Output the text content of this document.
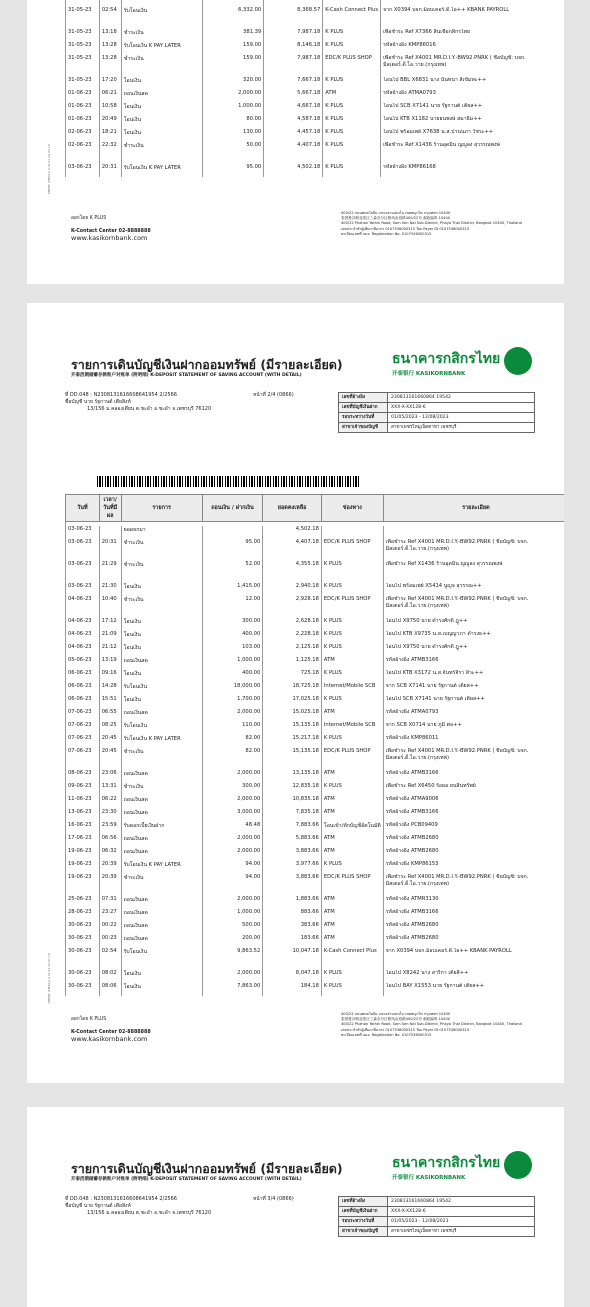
31-05-23	02:54	รับโอนเงิน	6,332.00	8,368.57	K-Cash Connect Plus	จาก X0394 บจก.ม็อบเคอร์.ดี.ไอ++ KBANK PAYROLL
31-05-23	13:18	ชำระเงิน	381.39	7,987.18	K PLUS	เพื่อชำระ Ref X7366 สินเชื่อกสิกรไทย
31-05-23	13:28	รับโอนเงิน K PAY LATER	159.00	8,146.18	K PLUS	รหัสอ้างอิง KMP86016
31-05-23	13:28	ชำระเงิน	159.00	7,987.18	EDC/K PLUS SHOP	เพื่อชำระ Ref X4001 MR.D.I.Y.-BW92.PNRK ( ชื่อบัญชี: บจก. มิสเตอร์.ดี.ไอ.วาย.(กรุงเทพ)
31-05-23	17:20	โอนเงิน	320.00	7,667.18	K PLUS	โอนไป BBL X6831 นาง นันทนา สีเข้มทะ++
01-06-23	06:21	ถอนเงินสด	2,000.00	5,667.18	ATM	รหัสอ้างอิง ATMA0793
01-06-23	10:58	โอนเงิน	1,000.00	4,667.18	K PLUS	โอนไป SCB X7141 นาย รัฐกานต์ เตียส++
01-06-23	20:49	โอนเงิน	80.00	4,587.18	K PLUS	โอนไป KTB X1182 นายธนพงษ์ สมาธิม++
02-06-23	18:21	โอนเงิน	130.00	4,457.18	K PLUS	โอนไป พร้อมเพย์ X7638 น.ส.ปานนภา วัชระ++
02-06-23	22:32	ชำระเงิน	50.00	4,407.18	K PLUS	เพื่อชำระ Ref X1436 ร้านอุดมิน ญญูลง สุวรรณพงษ์
03-06-23	20:31	รับโอนเงิน K PAY LATER	95.00	4,502.18	K PLUS	รหัสอ้างอิง KMP86168
KBPDF (FM001) V.01.01 04.03.18
ออกโดย K PLUS
K-Contact Center 02-8888888
www.kasikornbank.com
400/22 ถนนพหลโยธิน แขวงสามเสนใน เขตพญาไท กรุงเทพฯ 10400
泰国曼谷帕亚泰区三森奈分区帕凤由庭路400/22号 邮政编码 10400
400/22 Phahon Yothin Road, Sam Sen Nai Sub-District, Phaya Thai District, Bangkok 10400, Thailand
เลขประจำตัวผู้เสียภาษีอากร 0107536000315 Tax Payer ID 0107536000315
ทะเบียนเลขที่ บมจ. Registration No. 0107536000315
รายการเดินบัญชีเงินฝากออมทรัพย์ (มีรายละเอียด)
开泰活期储蓄存款账户对账单 (附明细) K-DEPOSIT STATEMENT OF SAVING ACCOUNT (WITH DETAIL)
ธนาคารกสิกรไทย
开泰银行 KASIKORNBANK
ที่ DD.048 : N2308131616608641954 2/2566
ชื่อบัญชี นาย รัฐกานต์ เตียสิงห์
13/156 ม.คลองเตียน ต.ชะอำ อ.ชะอำ จ.เพชรบุรี 76120
หน้าที่ 2/4 (0866)	เลขที่อ้างอิง	230813161660864 19542
เลขที่บัญชีเงินฝาก	XXX-X-XX128-6
รอบระหว่างวันที่	01/05/2023 - 12/08/2023
สาขาเจ้าของบัญชี	สาขาเพชรไหมูเบ็ดตาข่า เพชรบุรี
วันที่	เวลา/ วันที่มีผล	รายการ	ถอนเงิน / ฝากเงิน	ยอดคงเหลือ	ช่องทาง	รายละเอียด

03-06-23		ยอดยกมา		4,502.18		
03-06-23	20:31	ชำระเงิน	95.00	4,407.18	EDC/K PLUS SHOP	เพื่อชำระ Ref X4001 MR.D.I.Y.-BW92.PNRK ( ชื่อบัญชี: บจก. มิสเตอร์.ดี.ไอ.วาย.(กรุงเทพ)
03-06-23	21:29	ชำระเงิน	52.00	4,355.18	K PLUS	เพื่อชำระ Ref X1436 ร้านอุดมิน ญญูลง สุวรรณพงษ์
03-06-23	21:30	โอนเงิน	1,415.00	2,940.18	K PLUS	โอนไป พร้อมเพย์ X5414 นูญจ สุวรรณ++
04-06-23	10:40	ชำระเงิน	12.00	2,928.18	EDC/K PLUS SHOP	เพื่อชำระ Ref X4001 MR.D.I.Y.-BW92.PNRK ( ชื่อบัญชี: บจก. มิสเตอร์.ดี.ไอ.วาย.(กรุงเทพ)
04-06-23	17:12	โอนเงิน	300.00	2,628.18	K PLUS	โอนไป X9750 นาย ดำรงศักดิ์ ฎู++
04-06-23	21:09	โอนเงิน	400.00	2,228.18	K PLUS	โอนไป KTB X9735 น.ส.เบญญาภา ดำรงธ++
04-06-23	21:12	โอนเงิน	103.00	2,125.18	K PLUS	โอนไป X9750 นาย ดำรงศักดิ์ ฎู++
05-06-23	13:19	ถอนเงินสด	1,000.00	1,125.18	ATM	รหัสอ้างอิง ATMB3166
06-06-23	09:16	โอนเงิน	400.00	725.18	K PLUS	โอนไป KTB X3172 น.ส.จันทร์จิรา สีวะ++
06-06-23	14:28	รับโอนเงิน	18,000.00	18,725.18	Internet/Mobile SCB	จาก SCB X7141 นาย รัฐกานต์ เตียส++
06-06-23	15:51	โอนเงิน	1,700.00	17,025.18	K PLUS	โอนไป SCB X7141 นาย รัฐกานต์ เตียส++
07-06-23	06:55	ถอนเงินสด	2,000.00	15,025.18	ATM	รหัสอ้างอิง ATMA0793
07-06-23	08:25	รับโอนเงิน	110.00	15,135.18	Internet/Mobile SCB	จาก SCB X0714 นาย ภูมิ ต่อ++
07-06-23	20:45	รับโอนเงิน K PAY LATER	82.00	15,217.18	K PLUS	รหัสอ้างอิง KMP86011
07-06-23	20:45	ชำระเงิน	82.00	15,135.18	EDC/K PLUS SHOP	เพื่อชำระ Ref X4001 MR.D.I.Y.-BW92.PNRK ( ชื่อบัญชี: บจก. มิสเตอร์.ดี.ไอ.วาย.(กรุงเทพ)
08-06-23	23:06	ถอนเงินสด	2,000.00	13,135.18	ATM	รหัสอ้างอิง ATMB3166
09-06-23	13:31	ชำระเงิน	300.00	12,835.18	K PLUS	เพื่อชำระ Ref X6450 ร้อยอ ยนสินทรัพย์
11-06-23	06:22	ถอนเงินสด	2,000.00	10,835.18	ATM	รหัสอ้างอิง ATMA9006
13-06-23	23:30	ถอนเงินสด	3,000.00	7,835.18	ATM	รหัสอ้างอิง ATMB3166
16-06-23	23:59	รับดอกเบี้ยเงินฝาก	48.48	7,883.66	โอนเข้า/หักบัญชีอัตโนมัติ	รหัสอ้างอิง PCB09409
17-06-23	06:56	ถอนเงินสด	2,000.00	5,883.66	ATM	รหัสอ้างอิง ATMB2680
19-06-23	06:32	ถอนเงินสด	2,000.00	3,883.66	ATM	รหัสอ้างอิง ATMB2680
19-06-23	20:39	รับโอนเงิน K PAY LATER	94.00	3,977.66	K PLUS	รหัสอ้างอิง KMP86153
19-06-23	20:39	ชำระเงิน	94.00	3,883.66	EDC/K PLUS SHOP	เพื่อชำระ Ref X4001 MR.D.I.Y.-BW92.PNRK ( ชื่อบัญชี: บจก. มิสเตอร์.ดี.ไอ.วาย.(กรุงเทพ)
25-06-23	07:31	ถอนเงินสด	2,000.00	1,883.66	ATM	รหัสอ้างอิง ATMR3130
28-06-23	23:27	ถอนเงินสด	1,000.00	883.66	ATM	รหัสอ้างอิง ATMB3166
30-06-23	00:22	ถอนเงินสด	500.00	383.66	ATM	รหัสอ้างอิง ATMB2680
30-06-23	00:23	ถอนเงินสด	200.00	183.66	ATM	รหัสอ้างอิง ATMB2680
30-06-23	02:54	รับโอนเงิน	9,863.52	10,047.18	K-Cash Connect Plus	จาก X0394 บจก.ม็อบเคอร์.ดี.ไอ++ KBANK PAYROLL
30-06-23	08:02	โอนเงิน	2,000.00	8,047.18	K PLUS	โอนไป X8242 นาง สาริกา เตียสิ++
30-06-23	08:06	โอนเงิน	7,863.00	184.18	K PLUS	โอนไป BAY X1553 นาย รัฐกานต์ เตียส++
KBPDF (FM001) V.01.01 04.03.18
ออกโดย K PLUS
K-Contact Center 02-8888888
www.kasikornbank.com
400/22 ถนนพหลโยธิน แขวงสามเสนใน เขตพญาไท กรุงเทพฯ 10400
泰国曼谷帕亚泰区三森奈分区帕凤由庭路400/22号 邮政编码 10400
400/22 Phahon Yothin Road, Sam Sen Nai Sub-District, Phaya Thai District, Bangkok 10400, Thailand
เลขประจำตัวผู้เสียภาษีอากร 0107536000315 Tax Payer ID 0107536000315
ทะเบียนเลขที่ บมจ. Registration No. 0107536000315
รายการเดินบัญชีเงินฝากออมทรัพย์ (มีรายละเอียด)
开泰活期储蓄存款账户对账单 (附明细) K-DEPOSIT STATEMENT OF SAVING ACCOUNT (WITH DETAIL)
ธนาคารกสิกรไทย
开泰银行 KASIKORNBANK
ที่ DD.048 : N2308131616608641954 2/2566
ชื่อบัญชี นาย รัฐกานต์ เตียสิงห์
13/156 ม.คลองเตียน ต.ชะอำ อ.ชะอำ จ.เพชรบุรี 76120
หน้าที่ 3/4 (0866)	เลขที่อ้างอิง	230813161660864 19542
เลขที่บัญชีเงินฝาก	XXX-X-XX128-6
รอบระหว่างวันที่	01/05/2023 - 12/08/2023
สาขาเจ้าของบัญชี	สาขาเพชรไหมูเบ็ดตาข่า เพชรบุรี
